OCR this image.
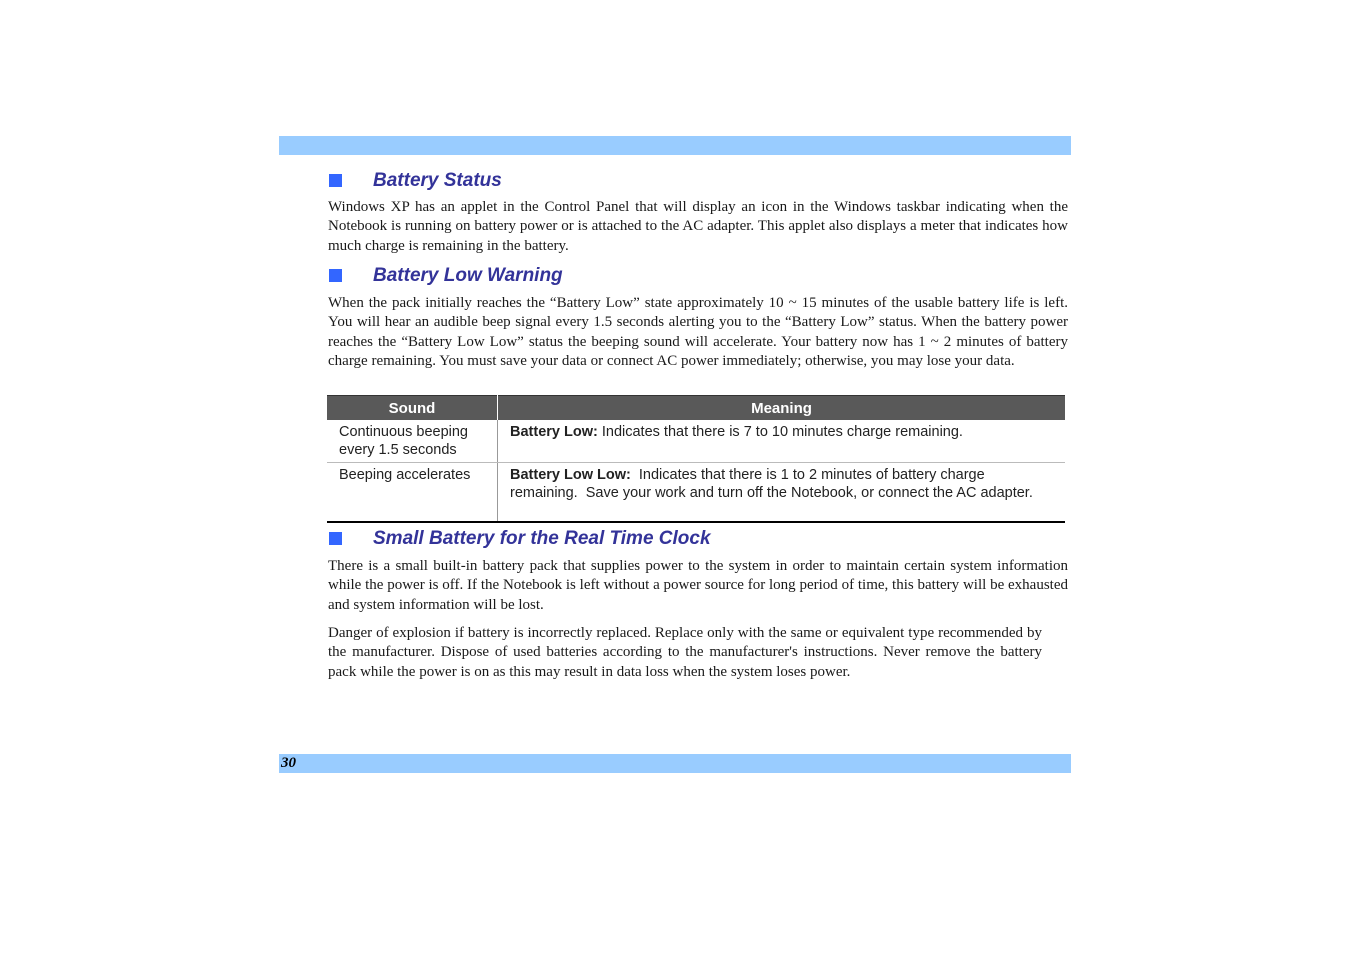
Battery Status

Windows XP has an applet in the Control Panel that will display an icon in the Windows taskbar indicating when the Notebook is running on battery power or is attached to the AC adapter. This applet also displays a meter that indicates how much charge is remaining in the battery.

Battery Low Warning

When the pack initially reaches the “Battery Low” state approximately 10 ~ 15 minutes of the usable battery life is left. You will hear an audible beep signal every 1.5 seconds alerting you to the “Battery Low” status. When the battery power reaches the “Battery Low Low” status the beeping sound will accelerate. Your battery now has 1 ~ 2 minutes of battery charge remaining. You must save your data or connect AC power immediately; otherwise, you may lose your data.

Sound	Meaning
Continuous beeping every 1.5 seconds	Battery Low: Indicates that there is 7 to 10 minutes charge remaining.
Beeping accelerates	Battery Low Low:  Indicates that there is 1 to 2 minutes of battery charge remaining.  Save your work and turn off the Notebook, or connect the AC adapter.
Small Battery for the Real Time Clock

There is a small built-in battery pack that supplies power to the system in order to maintain certain system information while the power is off. If the Notebook is left without a power source for long period of time, this battery will be exhausted and system information will be lost.

Danger of explosion if battery is incorrectly replaced. Replace only with the same or equivalent type recommended by the manufacturer. Dispose of used batteries according to the manufacturer's instructions. Never remove the battery pack while the power is on as this may result in data loss when the system loses power.

30
